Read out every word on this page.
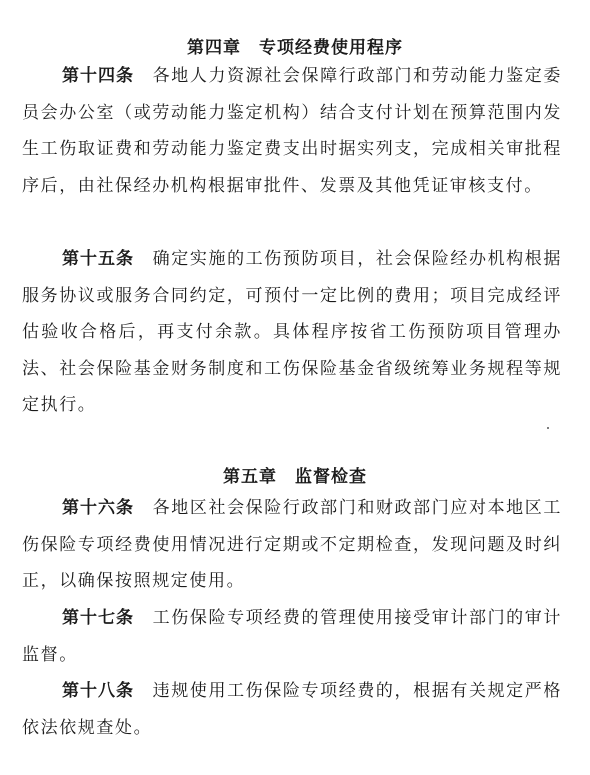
第四章　专项经费使用程序

第十四条　 各地人力资源社会保障行政部门和劳动能力鉴定委员会办公室（或劳动能力鉴定机构）结合支付计划在预算范围内发生工伤取证费和劳动能力鉴定费支出时据实列支，完成相关审批程序后，由社保经办机构根据审批件、发票及其他凭证审核支付。

第十五条　 确定实施的工伤预防项目，社会保险经办机构根据服务协议或服务合同约定，可预付一定比例的费用；项目完成经评估验收合格后，再支付余款。具体程序按省工伤预防项目管理办法、社会保险基金财务制度和工伤保险基金省级统筹业务规程等规定执行。

第五章　监督检查

第十六条　 各地区社会保险行政部门和财政部门应对本地区工伤保险专项经费使用情况进行定期或不定期检查，发现问题及时纠正，以确保按照规定使用。

第十七条　 工伤保险专项经费的管理使用接受审计部门的审计监督。

第十八条　 违规使用工伤保险专项经费的，根据有关规定严格依法依规查处。
